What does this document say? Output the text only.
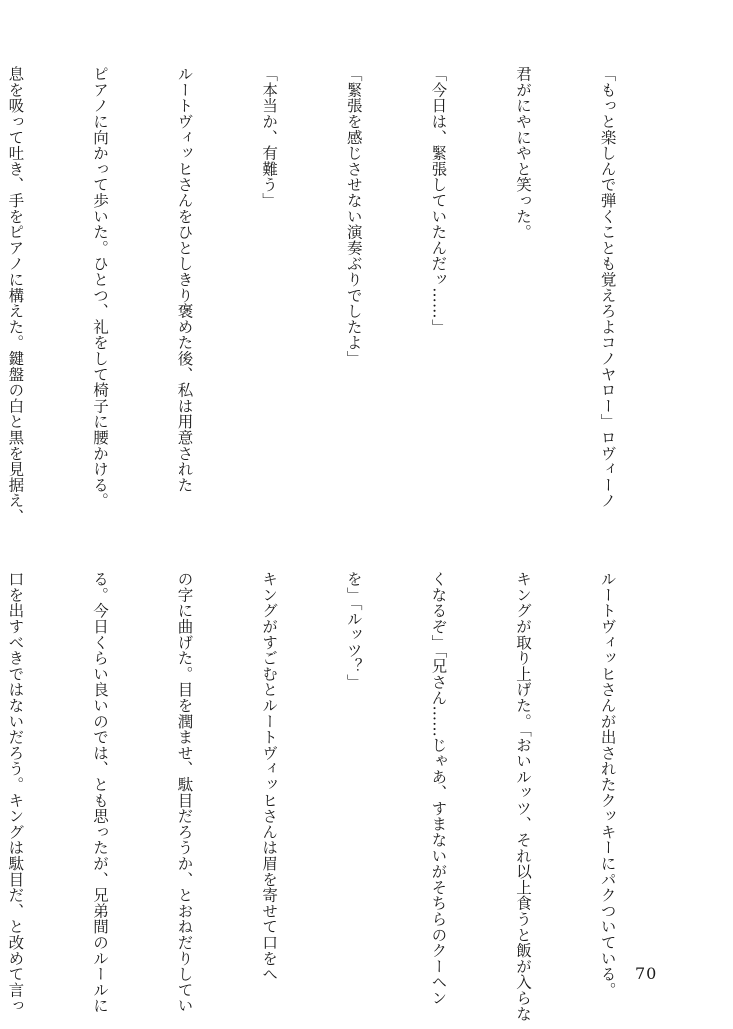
「もっと楽しんで弾くことも覚えろよコノヤロー」ロヴィーノ

君がにやにやと笑った。

「今日は、緊張していたんだッ……」

「緊張を感じさせない演奏ぶりでしたよ」

「本当か、有難う」

ルートヴィッヒさんをひとしきり褒めた後、私は用意された

ピアノに向かって歩いた。ひとつ、礼をして椅子に腰かける。

息を吸って吐き、手をピアノに構えた。鍵盤の白と黒を見据え、

ルートヴィッヒさんが出されたクッキーにパクついている。

キングが取り上げた。「おいルッツ、それ以上食うと飯が入らな

くなるぞ」「兄さん……じゃあ、すまないがそちらのクーヘン

を」「ルッツ？」

キングがすごむとルートヴィッヒさんは眉を寄せて口をへ

の字に曲げた。目を潤ませ、駄目だろうか、とおねだりしてい

る。今日くらい良いのでは、とも思ったが、兄弟間のルールに

口を出すべきではないだろう。キングは駄目だ、と改めて言っ

	70
